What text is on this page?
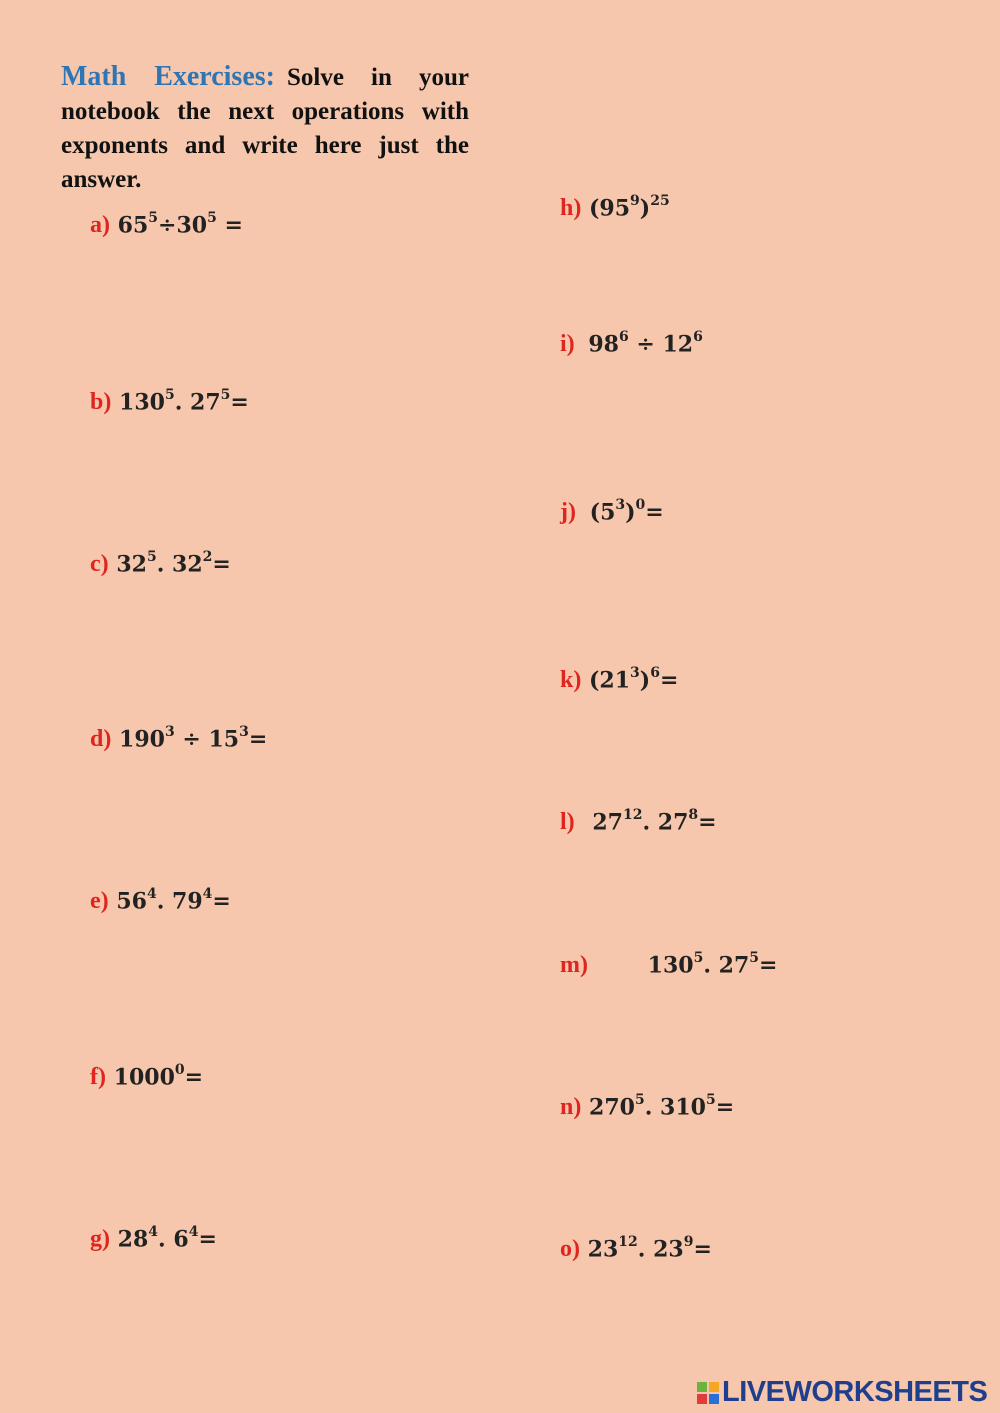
Math Exercises: Solve in your notebook the next operations with exponents and write here just the answer.
a) $65^5\div 30^5$ =
b) $130^5$. $27^5=$
c) $32^5$. $32^2=$
d) $190^3 \div 15^3=$
e) $56^4$. $79^4=$
f) $1000^0=$
g) $28^4$. $6^4=$
h) $(95^9)^{25}$
i) $98^6 \div 12^6$
j) $(5^3)^0=$
k) $(21^3)^6=$
l) $27^{12}$. $27^8=$
m)	$130^5$. $27^5=$
n) $270^5$. $310^5=$
o) $23^{12}$. $23^9=$
LIVEWORKSHEETS
